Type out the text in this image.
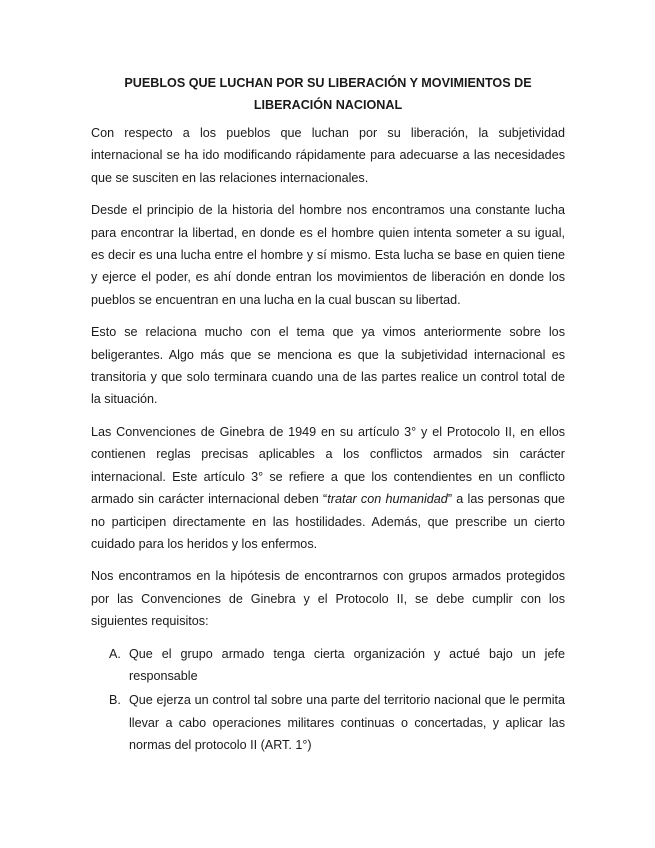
PUEBLOS QUE LUCHAN POR SU LIBERACIÓN Y MOVIMIENTOS DE
LIBERACIÓN NACIONAL

Con respecto a los pueblos que luchan por su liberación, la subjetividad internacional se ha ido modificando rápidamente para adecuarse a las necesidades que se susciten en las relaciones internacionales.

Desde el principio de la historia del hombre nos encontramos una constante lucha para encontrar la libertad, en donde es el hombre quien intenta someter a su igual, es decir es una lucha entre el hombre y sí mismo. Esta lucha se base en quien tiene y ejerce el poder, es ahí donde entran los movimientos de liberación en donde los pueblos se encuentran en una lucha en la cual buscan su libertad.

Esto se relaciona mucho con el tema que ya vimos anteriormente sobre los beligerantes. Algo más que se menciona es que la subjetividad internacional es transitoria y que solo terminara cuando una de las partes realice un control total de la situación.

Las Convenciones de Ginebra de 1949 en su artículo 3° y el Protocolo II, en ellos contienen reglas precisas aplicables a los conflictos armados sin carácter internacional. Este artículo 3° se refiere a que los contendientes en un conflicto armado sin carácter internacional deben “tratar con humanidad” a las personas que no participen directamente en las hostilidades. Además, que prescribe un cierto cuidado para los heridos y los enfermos.

Nos encontramos en la hipótesis de encontrarnos con grupos armados protegidos por las Convenciones de Ginebra y el Protocolo II, se debe cumplir con los siguientes requisitos:

A. Que el grupo armado tenga cierta organización y actué bajo un jefe responsable
B. Que ejerza un control tal sobre una parte del territorio nacional que le permita llevar a cabo operaciones militares continuas o concertadas, y aplicar las normas del protocolo II (ART. 1°)
